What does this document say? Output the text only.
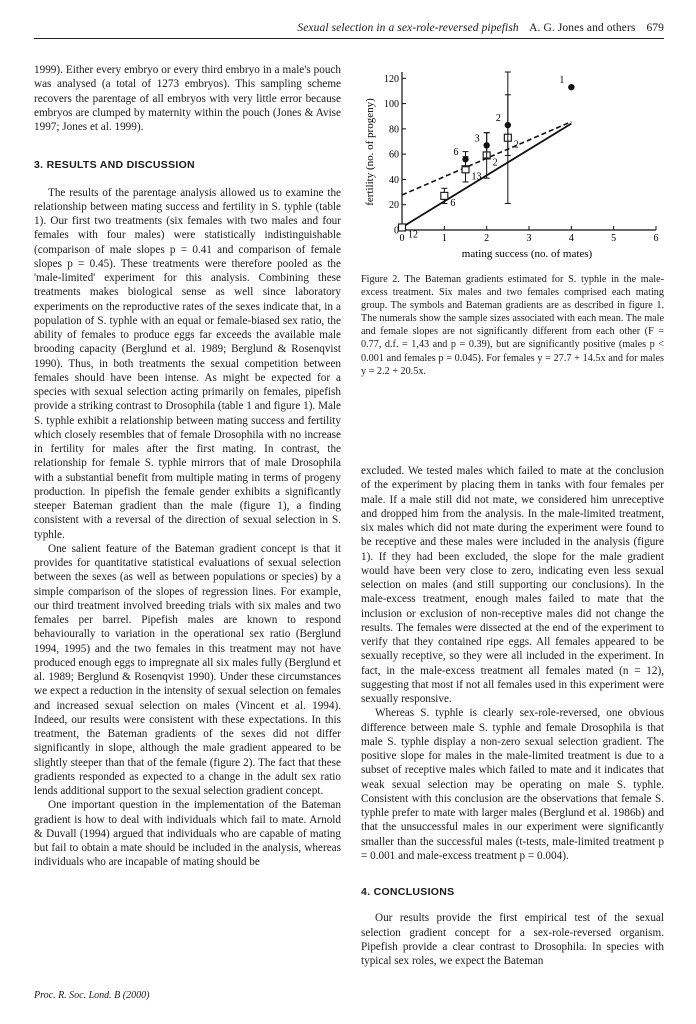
Sexual selection in a sex-role-reversed pipefish A. G. Jones and others 679

1999). Either every embryo or every third embryo in a male's pouch was analysed (a total of 1273 embryos). This sampling scheme recovers the parentage of all embryos with very little error because embryos are clumped by maternity within the pouch (Jones & Avise 1997; Jones et al. 1999).

3. RESULTS AND DISCUSSION

The results of the parentage analysis allowed us to examine the relationship between mating success and fertility in S. typhle (table 1). Our first two treatments (six females with two males and four females with four males) were statistically indistinguishable (comparison of male slopes p = 0.41 and comparison of female slopes p = 0.45). These treatments were therefore pooled as the 'male-limited' experiment for this analysis. Combining these treatments makes biological sense as well since laboratory experiments on the reproductive rates of the sexes indicate that, in a population of S. typhle with an equal or female-biased sex ratio, the ability of females to produce eggs far exceeds the available male brooding capacity (Berglund et al. 1989; Berglund & Rosenqvist 1990). Thus, in both treatments the sexual competition between females should have been intense. As might be expected for a species with sexual selection acting primarily on females, pipefish provide a striking contrast to Drosophila (table 1 and figure 1). Male S. typhle exhibit a relationship between mating success and fertility which closely resembles that of female Drosophila with no increase in fertility for males after the first mating. In contrast, the relationship for female S. typhle mirrors that of male Drosophila with a substantial benefit from multiple mating in terms of progeny production. In pipefish the female gender exhibits a significantly steeper Bateman gradient than the male (figure 1), a finding consistent with a reversal of the direction of sexual selection in S. typhle.

One salient feature of the Bateman gradient concept is that it provides for quantitative statistical evaluations of sexual selection between the sexes (as well as between populations or species) by a simple comparison of the slopes of regression lines. For example, our third treatment involved breeding trials with six males and two females per barrel. Pipefish males are known to respond behaviourally to variation in the operational sex ratio (Berglund 1994, 1995) and the two females in this treatment may not have produced enough eggs to impregnate all six males fully (Berglund et al. 1989; Berglund & Rosenqvist 1990). Under these circumstances we expect a reduction in the intensity of sexual selection on females and increased sexual selection on males (Vincent et al. 1994). Indeed, our results were consistent with these expectations. In this treatment, the Bateman gradients of the sexes did not differ significantly in slope, although the male gradient appeared to be slightly steeper than that of the female (figure 2). The fact that these gradients responded as expected to a change in the adult sex ratio lends additional support to the sexual selection gradient concept.

One important question in the implementation of the Bateman gradient is how to deal with individuals which fail to mate. Arnold & Duvall (1994) argued that individuals who are capable of mating but fail to obtain a mate should be included in the analysis, whereas individuals who are incapable of mating should be

0	1	2	3	4	5	6
0
20
40
60
80
100
120
12
6
13
2
2
6
3
2
1
fertility (no. of progeny)
mating success (no. of mates)
Figure 2. The Bateman gradients estimated for S. typhle in the male-excess treatment. Six males and two females comprised each mating group. The symbols and Bateman gradients are as described in figure 1. The numerals show the sample sizes associated with each mean. The male and female slopes are not significantly different from each other (F = 0.77, d.f. = 1,43 and p = 0.39), but are significantly positive (males p < 0.001 and females p = 0.045). For females y = 27.7 + 14.5x and for males y = 2.2 + 20.5x.

excluded. We tested males which failed to mate at the conclusion of the experiment by placing them in tanks with four females per male. If a male still did not mate, we considered him unreceptive and dropped him from the analysis. In the male-limited treatment, six males which did not mate during the experiment were found to be receptive and these males were included in the analysis (figure 1). If they had been excluded, the slope for the male gradient would have been very close to zero, indicating even less sexual selection on males (and still supporting our conclusions). In the male-excess treatment, enough males failed to mate that the inclusion or exclusion of non-receptive males did not change the results. The females were dissected at the end of the experiment to verify that they contained ripe eggs. All females appeared to be sexually receptive, so they were all included in the experiment. In fact, in the male-excess treatment all females mated (n = 12), suggesting that most if not all females used in this experiment were sexually responsive.

Whereas S. typhle is clearly sex-role-reversed, one obvious difference between male S. typhle and female Drosophila is that male S. typhle display a non-zero sexual selection gradient. The positive slope for males in the male-limited treatment is due to a subset of receptive males which failed to mate and it indicates that weak sexual selection may be operating on male S. typhle. Consistent with this conclusion are the observations that female S. typhle prefer to mate with larger males (Berglund et al. 1986b) and that the unsuccessful males in our experiment were significantly smaller than the successful males (t-tests, male-limited treatment p = 0.001 and male-excess treatment p = 0.004).

4. CONCLUSIONS

Our results provide the first empirical test of the sexual selection gradient concept for a sex-role-reversed organism. Pipefish provide a clear contrast to Drosophila. In species with typical sex roles, we expect the Bateman

Proc. R. Soc. Lond. B (2000)
